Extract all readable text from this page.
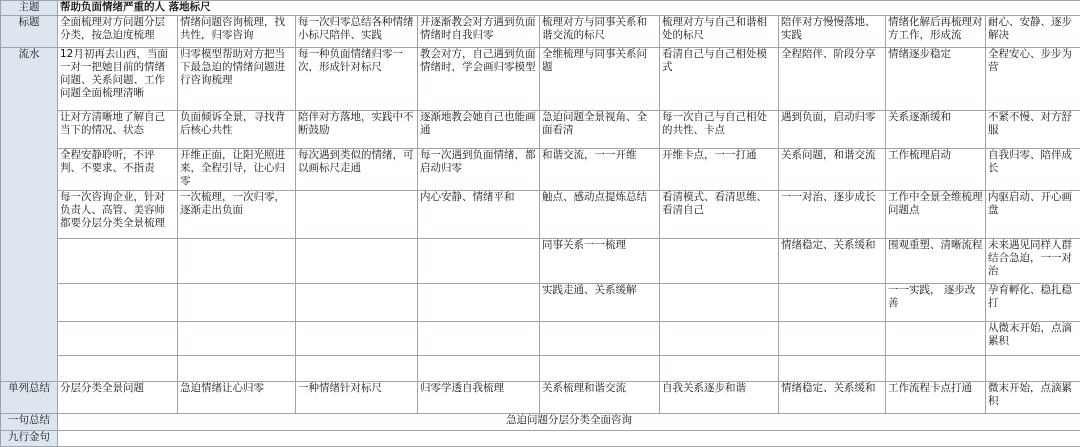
主题	帮助负面情绪严重的人 落地标尺								
标题	全面梳理对方问题分层分类，按急迫度梳理	情绪问题咨询梳理，找共性，归零咨询	每一次归零总结各种情绪小标尺陪伴、实践	并逐渐教会对方遇到负面情绪时自我归零	梳理对方与同事关系和谐交流的标尺	梳理对方与自己和谐相处的标尺	陪伴对方慢慢落地、实践	情绪化解后再梳理对方工作，形成流	耐心、安静、逐步解决
流水	12月初再去山西，当面一对一把她目前的情绪问题、关系问题、工作问题全面梳理清晰	归零模型帮助对方把当下最急迫的情绪问题进行咨询梳理	每一种负面情绪归零一次，形成针对标尺	教会对方，自己遇到负面情绪时，学会画归零模型	全维梳理与同事关系问题	看清自己与自己相处模式	全程陪伴、阶段分享	情绪逐步稳定	全程安心、步步为营
	让对方清晰地了解自己当下的情况、状态	负面倾诉全景，寻找背后核心共性	陪伴对方落地，实践中不断鼓励	逐渐地教会她自己也能画通	急迫问题全景视角、全面看清	每一次自己与自己相处的共性、卡点	遇到负面，启动归零	关系逐渐缓和	不紧不慢、对方舒服
	全程安静聆听，不评判、不要求、不指责	开维正面，让阳光照进来，全程引导，让心归零	每次遇到类似的情绪，可以画标尺走通	每一次遇到负面情绪，都启动归零	和谐交流，一一开维	开维卡点，一一打通	关系问题，和谐交流	工作梳理启动	自我归零、陪伴成长
	每一次咨询企业，针对负责人、高管、美容师都要分层分类全景梳理	一次梳理，一次归零，逐渐走出负面		内心安静、情绪平和	触点、感动点提炼总结	看清模式、看清思维、看清自己	一一对治、逐步成长	工作中全景全维梳理问题点	内驱启动、开心画盘
					同事关系一一梳理		情绪稳定、关系缓和	围观重塑、清晰流程	未来遇见同样人群结合急迫，一一对治
					实践走通、关系缓解			一一实践， 逐步改善	孕育孵化、稳扎稳打
									从微末开始，点滴累积

单列总结	分层分类全景问题	急迫情绪让心归零	一种情绪针对标尺	归零学透自我梳理	关系梳理和谐交流	自我关系逐步和谐	情绪稳定、关系缓和	工作流程卡点打通	微末开始，点滴累积
一句总结	急迫问题分层分类全面咨询								
九行金句									
